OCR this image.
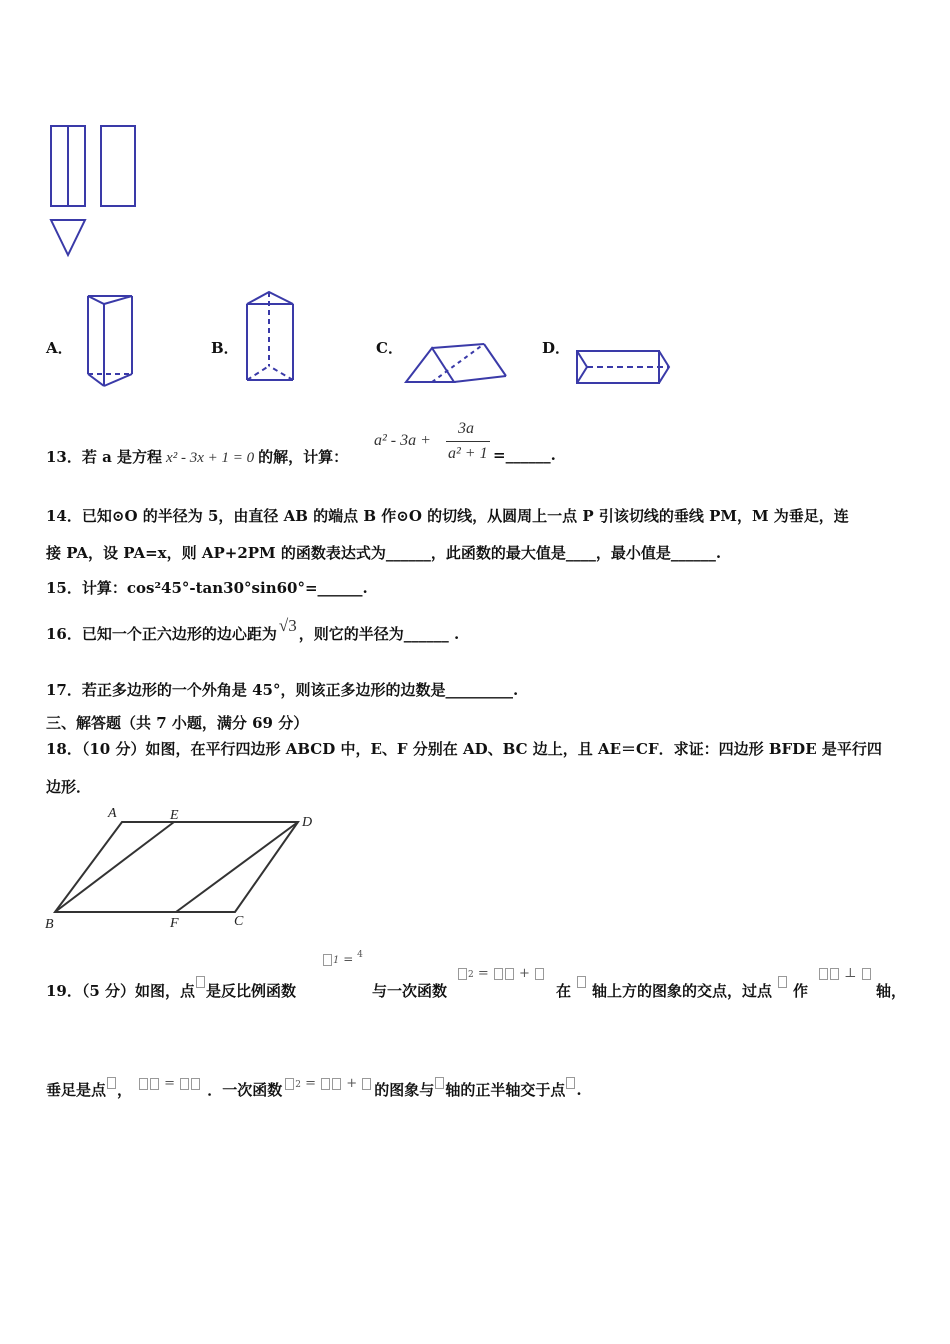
A．	B．	C．	D．
13．若 a 是方程 x² - 3x + 1 = 0 的解，计算：
a² - 3a +
3a
a² + 1 =______.
14．已知⊙O 的半径为 5，由直径 AB 的端点 B 作⊙O 的切线，从圆周上一点 P 引该切线的垂线 PM，M 为垂足，连
接 PA，设 PA=x，则 AP+2PM 的函数表达式为______，此函数的最大值是____，最小值是______.
15．计算：cos²45°-tan30°sin60°=______.
16．已知一个正六边形的边心距为 √3 ，则它的半径为______ .
17．若正多边形的一个外角是 45°，则该正多边形的边数是_________.
三、解答题（共 7 小题，满分 69 分）
18．（10 分）如图，在平行四边形 ABCD 中，E、F 分别在 AD、BC 边上，且 AE＝CF．求证：四边形 BFDE 是平行四
边形．
A	E	D
B	F	C
19．（5 分）如图，点 是反比例函数
1 = $^4$
与一次函数
2 =  +
在 轴上方的图象的交点，过点 作
⊥
轴，
垂足是点 ， = ．一次函数 2 =  + 的图象与 轴的正半轴交于点 .
